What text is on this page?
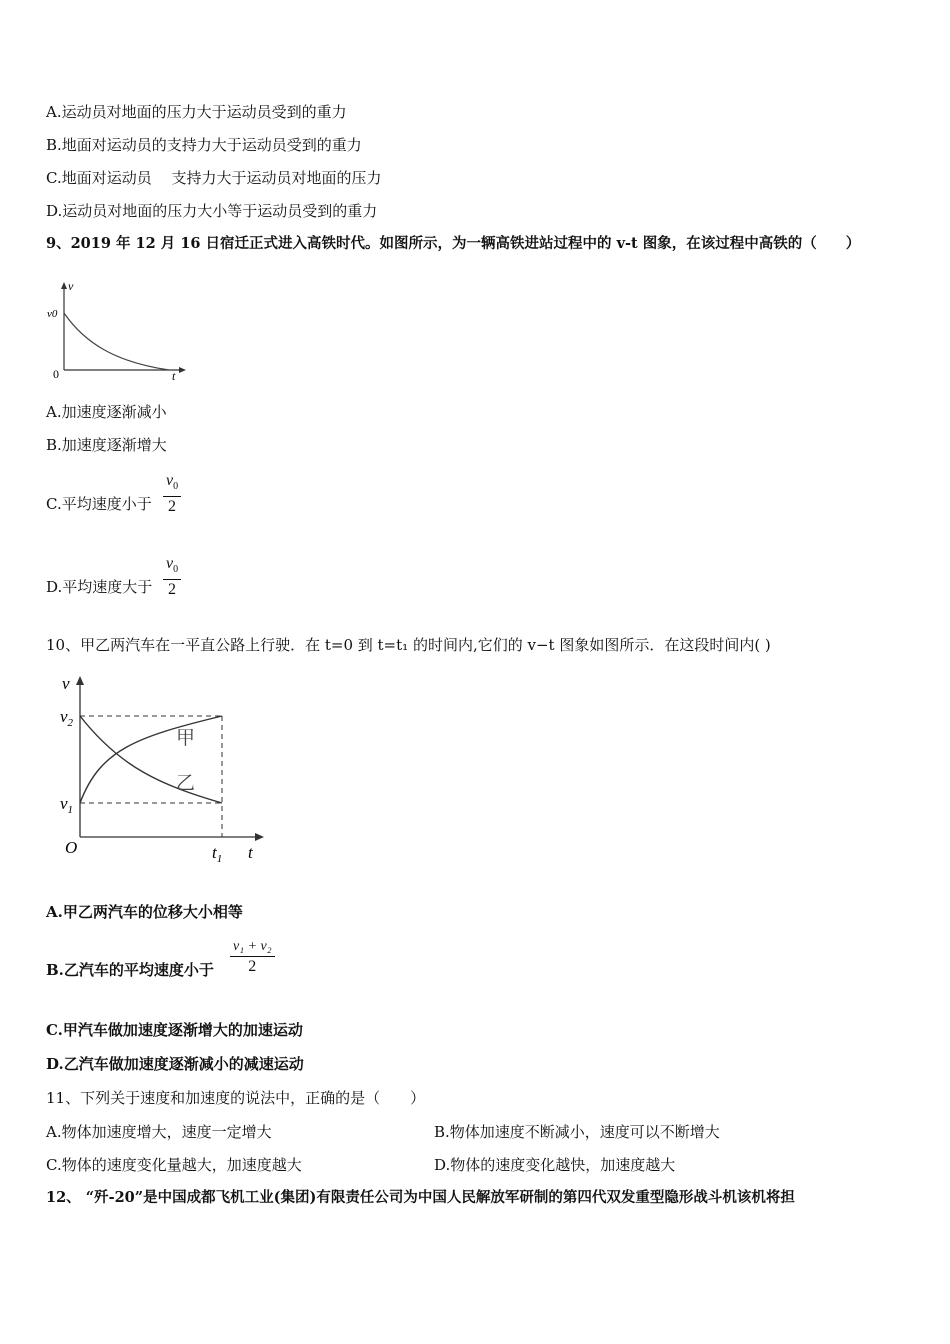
A.运动员对地面的压力大于运动员受到的重力
B.地面对运动员的支持力大于运动员受到的重力
C.地面对运动员　 支持力大于运动员对地面的压力
D.运动员对地面的压力大小等于运动员受到的重力
9、2019 年 12 月 16 日宿迁正式进入高铁时代。如图所示，为一辆高铁进站过程中的 v-t 图象，在该过程中高铁的（　　）
v
v0
0	t
A.加速度逐渐减小
B.加速度逐渐增大
C.平均速度小于 $\frac{v_0}{2}$
D.平均速度大于 $\frac{v_0}{2}$
10、甲乙两汽车在一平直公路上行驶．在 t=0 到 t=t₁ 的时间内,它们的 v−t 图象如图所示．在这段时间内( )
v
$v_2$
$v_1$
O	$t_1$ t
甲
乙
A.甲乙两汽车的位移大小相等
B.乙汽车的平均速度小于 $\frac{\text{v₁ + v₂}}{2}$
C.甲汽车做加速度逐渐增大的加速运动
D.乙汽车做加速度逐渐减小的减速运动
11、下列关于速度和加速度的说法中，正确的是（　　）
A.物体加速度增大，速度一定增大	B.物体加速度不断减小，速度可以不断增大
C.物体的速度变化量越大，加速度越大	D.物体的速度变化越快，加速度越大
12、 “歼-20”是中国成都飞机工业(集团)有限责任公司为中国人民解放军研制的第四代双发重型隐形战斗机该机将担
